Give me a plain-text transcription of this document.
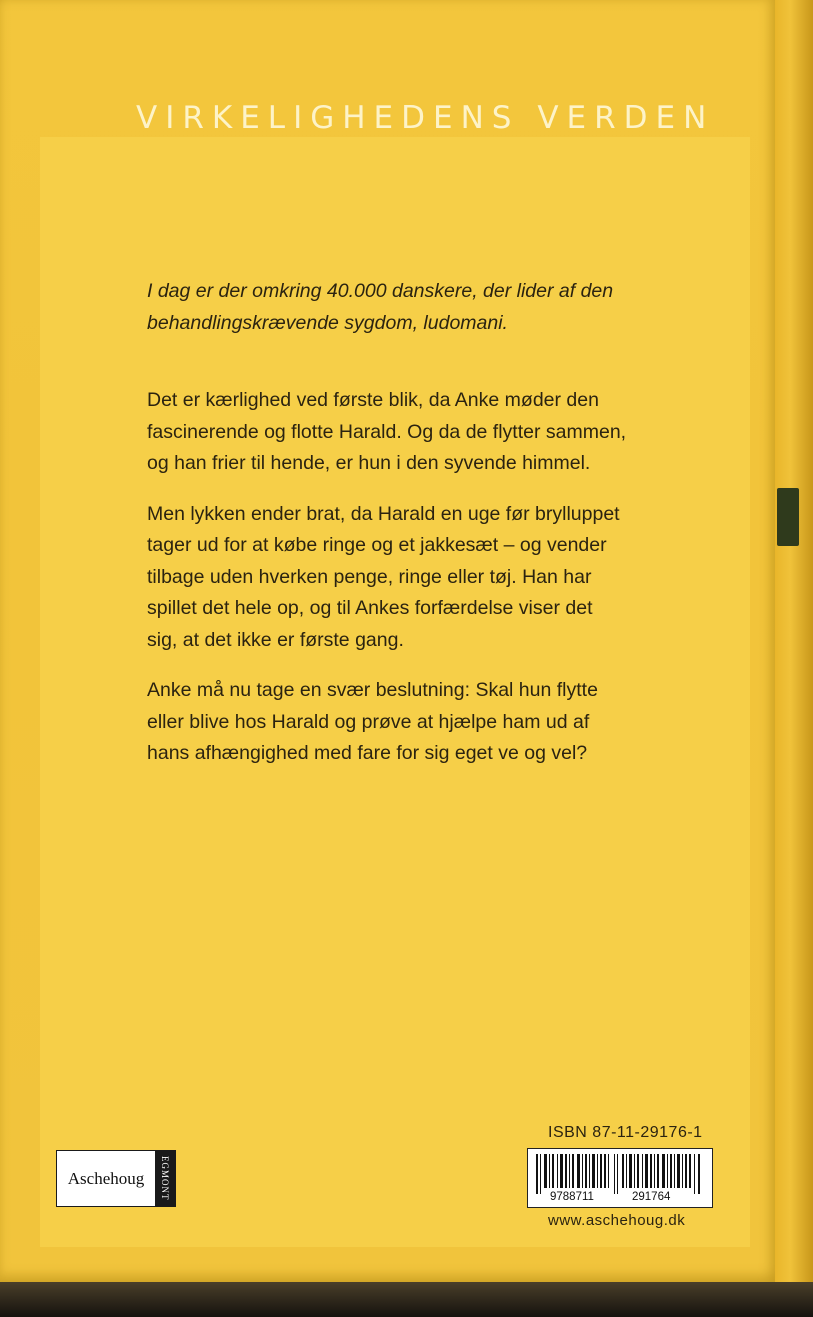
VIRKELIGHEDENS VERDEN

I dag er der omkring 40.000 danskere, der lider af den behandlingskrævende sygdom, ludomani.

Det er kærlighed ved første blik, da Anke møder den fascinerende og flotte Harald. Og da de flytter sammen, og han frier til hende, er hun i den syvende himmel.

Men lykken ender brat, da Harald en uge før brylluppet tager ud for at købe ringe og et jakkesæt – og vender tilbage uden hverken penge, ringe eller tøj. Han har spillet det hele op, og til Ankes forfærdelse viser det sig, at det ikke er første gang.

Anke må nu tage en svær beslutning: Skal hun flytte eller blive hos Harald og prøve at hjælpe ham ud af hans afhængighed med fare for sig eget ve og vel?

Aschehoug	EGMONT
ISBN 87-11-29176-1
9788711	291764
www.aschehoug.dk
